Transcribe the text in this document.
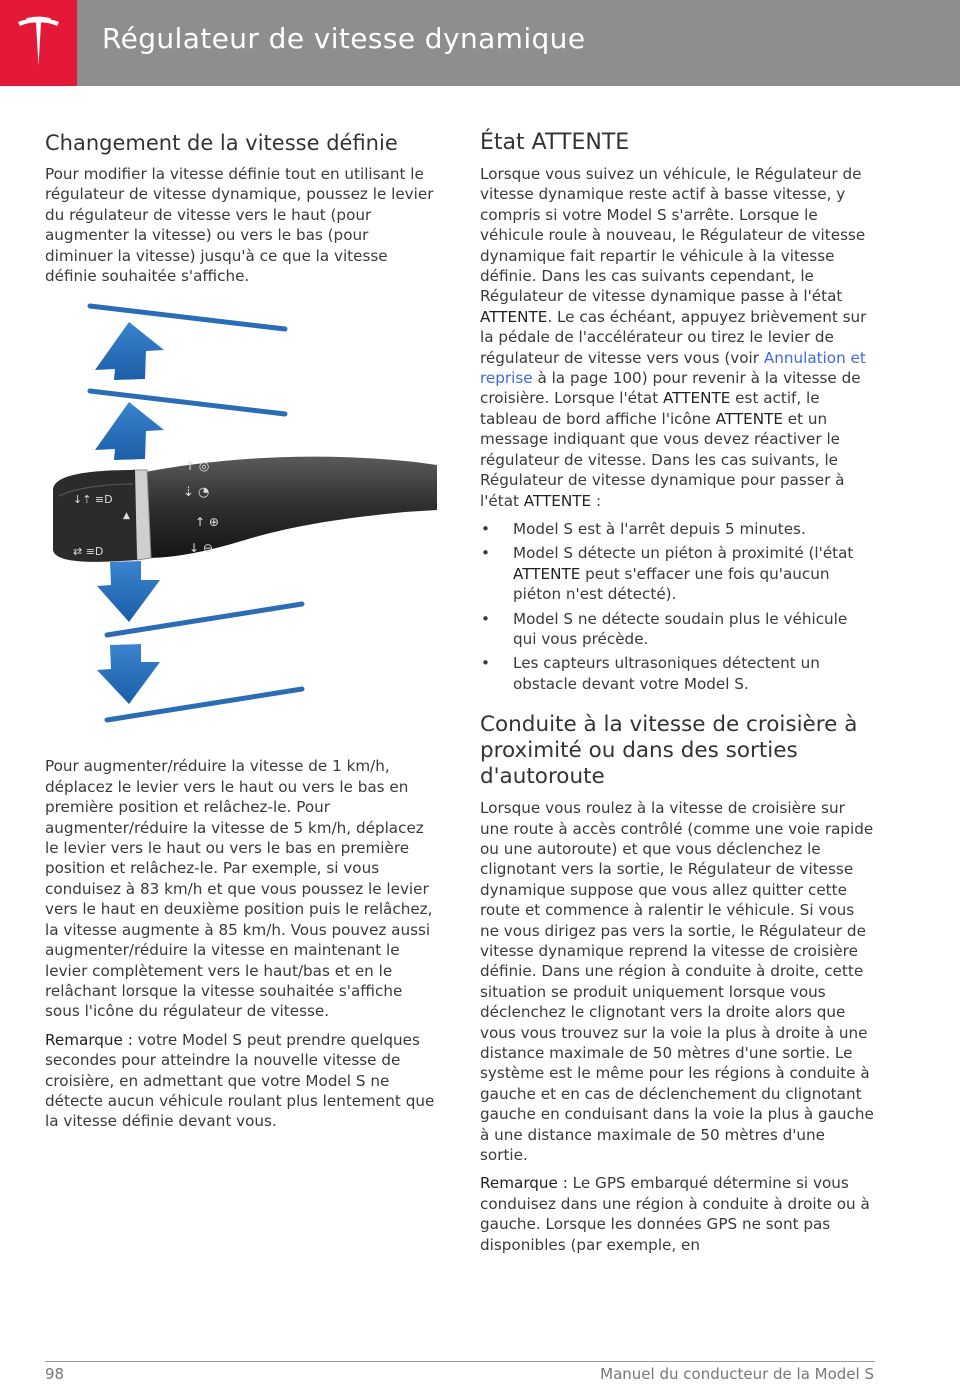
Régulateur de vitesse dynamique
Changement de la vitesse définie

Pour modifier la vitesse définie tout en utilisant le régulateur de vitesse dynamique, poussez le levier du régulateur de vitesse vers le haut (pour augmenter la vitesse) ou vers le bas (pour diminuer la vitesse) jusqu'à ce que la vitesse définie souhaitée s'affiche.

↓⇡ ≡D
⇄ ≡D
↑ ◎
⇣ ◔
↑ ⊕
↓ ⊖
▲

Pour augmenter/réduire la vitesse de 1 km/h, déplacez le levier vers le haut ou vers le bas en première position et relâchez-le. Pour augmenter/réduire la vitesse de 5 km/h, déplacez le levier vers le haut ou vers le bas en première position et relâchez-le. Par exemple, si vous conduisez à 83 km/h et que vous poussez le levier vers le haut en deuxième position puis le relâchez, la vitesse augmente à 85 km/h. Vous pouvez aussi augmenter/réduire la vitesse en maintenant le levier complètement vers le haut/bas et en le relâchant lorsque la vitesse souhaitée s'affiche sous l'icône du régulateur de vitesse.

Remarque : votre Model S peut prendre quelques secondes pour atteindre la nouvelle vitesse de croisière, en admettant que votre Model S ne détecte aucun véhicule roulant plus lentement que la vitesse définie devant vous.

État ATTENTE

Lorsque vous suivez un véhicule, le Régulateur de vitesse dynamique reste actif à basse vitesse, y compris si votre Model S s'arrête. Lorsque le véhicule roule à nouveau, le Régulateur de vitesse dynamique fait repartir le véhicule à la vitesse définie. Dans les cas suivants cependant, le Régulateur de vitesse dynamique passe à l'état ATTENTE. Le cas échéant, appuyez brièvement sur la pédale de l'accélérateur ou tirez le levier de régulateur de vitesse vers vous (voir Annulation et reprise à la page 100) pour revenir à la vitesse de croisière. Lorsque l'état ATTENTE est actif, le tableau de bord affiche l'icône ATTENTE et un message indiquant que vous devez réactiver le régulateur de vitesse. Dans les cas suivants, le Régulateur de vitesse dynamique pour passer à l'état ATTENTE :

• Model S est à l'arrêt depuis 5 minutes.
• Model S détecte un piéton à proximité (l'état ATTENTE peut s'effacer une fois qu'aucun piéton n'est détecté).
• Model S ne détecte soudain plus le véhicule qui vous précède.
• Les capteurs ultrasoniques détectent un obstacle devant votre Model S.
Conduite à la vitesse de croisière à proximité ou dans des sorties d'autoroute

Lorsque vous roulez à la vitesse de croisière sur une route à accès contrôlé (comme une voie rapide ou une autoroute) et que vous déclenchez le clignotant vers la sortie, le Régulateur de vitesse dynamique suppose que vous allez quitter cette route et commence à ralentir le véhicule. Si vous ne vous dirigez pas vers la sortie, le Régulateur de vitesse dynamique reprend la vitesse de croisière définie. Dans une région à conduite à droite, cette situation se produit uniquement lorsque vous déclenchez le clignotant vers la droite alors que vous vous trouvez sur la voie la plus à droite à une distance maximale de 50 mètres d'une sortie. Le système est le même pour les régions à conduite à gauche et en cas de déclenchement du clignotant gauche en conduisant dans la voie la plus à gauche à une distance maximale de 50 mètres d'une sortie.

Remarque : Le GPS embarqué détermine si vous conduisez dans une région à conduite à droite ou à gauche. Lorsque les données GPS ne sont pas disponibles (par exemple, en

98	Manuel du conducteur de la Model S
